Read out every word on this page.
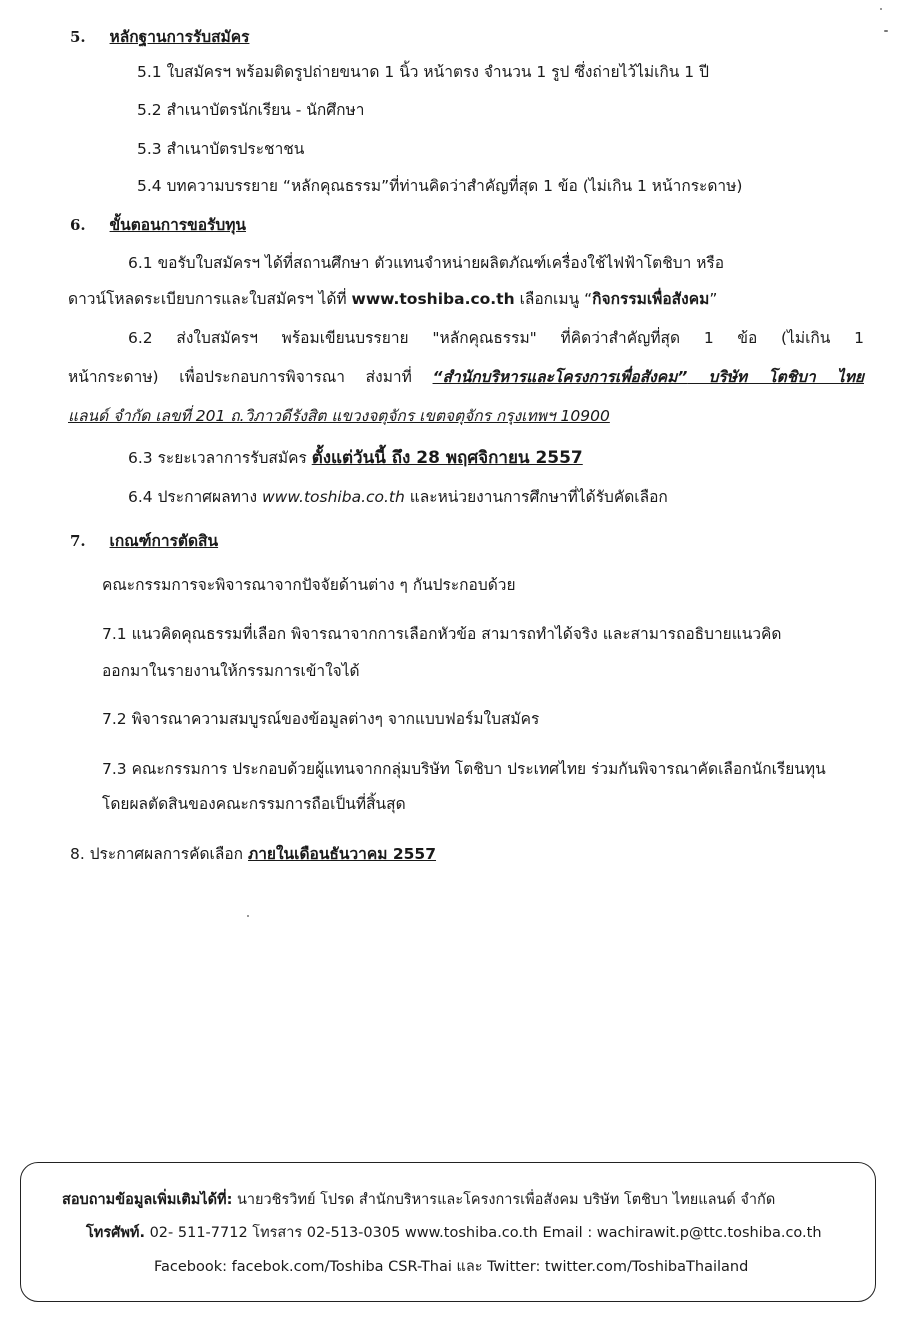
5. หลักฐานการรับสมัคร
5.1 ใบสมัครฯ พร้อมติดรูปถ่ายขนาด 1 นิ้ว หน้าตรง จำนวน 1 รูป ซึ่งถ่ายไว้ไม่เกิน 1 ปี
5.2 สำเนาบัตรนักเรียน - นักศึกษา
5.3 สำเนาบัตรประชาชน
5.4 บทความบรรยาย “หลักคุณธรรม”ที่ท่านคิดว่าสำคัญที่สุด 1 ข้อ (ไม่เกิน 1 หน้ากระดาษ)
6. ขั้นตอนการขอรับทุน
6.1 ขอรับใบสมัครฯ ได้ที่สถานศึกษา ตัวแทนจำหน่ายผลิตภัณฑ์เครื่องใช้ไฟฟ้าโตชิบา หรือ
ดาวน์โหลดระเบียบการและใบสมัครฯ ได้ที่ www.toshiba.co.th เลือกเมนู “กิจกรรมเพื่อสังคม”
6.2 ส่งใบสมัครฯ พร้อมเขียนบรรยาย "หลักคุณธรรม" ที่คิดว่าสำคัญที่สุด 1 ข้อ (ไม่เกิน 1
หน้ากระดาษ) เพื่อประกอบการพิจารณา ส่งมาที่ “สำนักบริหารและโครงการเพื่อสังคม” บริษัท โตชิบา ไทย
แลนด์ จำกัด เลขที่ 201 ถ.วิภาวดีรังสิต แขวงจตุจักร เขตจตุจักร กรุงเทพฯ 10900
6.3 ระยะเวลาการรับสมัคร ตั้งแต่วันนี้ ถึง 28 พฤศจิกายน 2557
6.4 ประกาศผลทาง www.toshiba.co.th และหน่วยงานการศึกษาที่ได้รับคัดเลือก
7. เกณฑ์การตัดสิน
คณะกรรมการจะพิจารณาจากปัจจัยด้านต่าง ๆ กันประกอบด้วย
7.1 แนวคิดคุณธรรมที่เลือก พิจารณาจากการเลือกหัวข้อ สามารถทำได้จริง และสามารถอธิบายแนวคิด
ออกมาในรายงานให้กรรมการเข้าใจได้
7.2 พิจารณาความสมบูรณ์ของข้อมูลต่างๆ จากแบบฟอร์มใบสมัคร
7.3 คณะกรรมการ ประกอบด้วยผู้แทนจากกลุ่มบริษัท โตชิบา ประเทศไทย ร่วมกันพิจารณาคัดเลือกนักเรียนทุน
โดยผลตัดสินของคณะกรรมการถือเป็นที่สิ้นสุด
8. ประกาศผลการคัดเลือก ภายในเดือนธันวาคม 2557
สอบถามข้อมูลเพิ่มเติมได้ที่: นายวชิรวิทย์ โปรด สำนักบริหารและโครงการเพื่อสังคม บริษัท โตชิบา ไทยแลนด์ จำกัด
โทรศัพท์. 02- 511-7712 โทรสาร 02-513-0305 www.toshiba.co.th Email : wachirawit.p@ttc.toshiba.co.th
Facebook: facebok.com/Toshiba CSR-Thai และ Twitter: twitter.com/ToshibaThailand
